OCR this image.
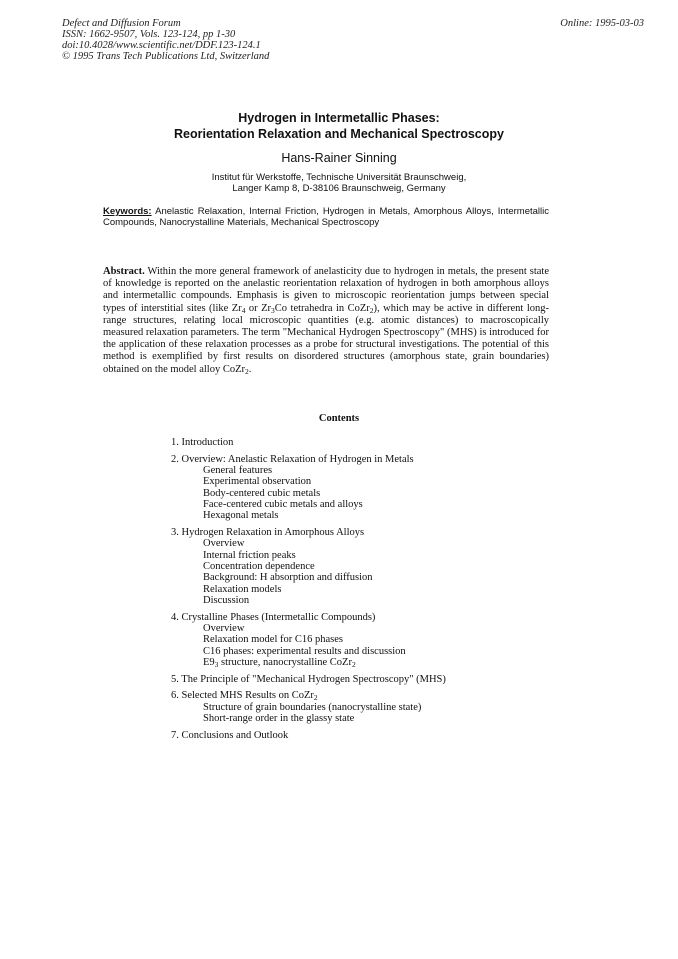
Defect and Diffusion Forum
ISSN: 1662-9507, Vols. 123-124, pp 1-30
doi:10.4028/www.scientific.net/DDF.123-124.1
© 1995 Trans Tech Publications Ltd, Switzerland
Online: 1995-03-03
Hydrogen in Intermetallic Phases:
Reorientation Relaxation and Mechanical Spectroscopy
Hans-Rainer Sinning
Institut für Werkstoffe, Technische Universität Braunschweig,
Langer Kamp 8, D-38106 Braunschweig, Germany
Keywords: Anelastic Relaxation, Internal Friction, Hydrogen in Metals, Amorphous Alloys, Intermetallic Compounds, Nanocrystalline Materials, Mechanical Spectroscopy
Abstract. Within the more general framework of anelasticity due to hydrogen in metals, the present state of knowledge is reported on the anelastic reorientation relaxation of hydrogen in both amorphous alloys and intermetallic compounds. Emphasis is given to microscopic reorientation jumps between special types of interstitial sites (like $Zr_4$ or $Zr_3Co$ tetrahedra in CoZr$_2$), which may be active in different long-range structures, relating local microscopic quantities (e.g. atomic distances) to macroscopically measured relaxation parameters. The term "Mechanical Hydrogen Spectroscopy" (MHS) is introduced for the application of these relaxation processes as a probe for structural investigations. The potential of this method is exemplified by first results on disordered structures (amorphous state, grain boundaries) obtained on the model alloy CoZr$_2$.
Contents
1. Introduction
2. Overview: Anelastic Relaxation of Hydrogen in Metals
General features
Experimental observation
Body-centered cubic metals
Face-centered cubic metals and alloys
Hexagonal metals
3. Hydrogen Relaxation in Amorphous Alloys
Overview
Internal friction peaks
Concentration dependence
Background: H absorption and diffusion
Relaxation models
Discussion
4. Crystalline Phases (Intermetallic Compounds)
Overview
Relaxation model for C16 phases
C16 phases: experimental results and discussion
$E9_3$ structure, nanocrystalline CoZr$_2$
5. The Principle of "Mechanical Hydrogen Spectroscopy" (MHS)
6. Selected MHS Results on CoZr$_2$
Structure of grain boundaries (nanocrystalline state)
Short-range order in the glassy state
7. Conclusions and Outlook
